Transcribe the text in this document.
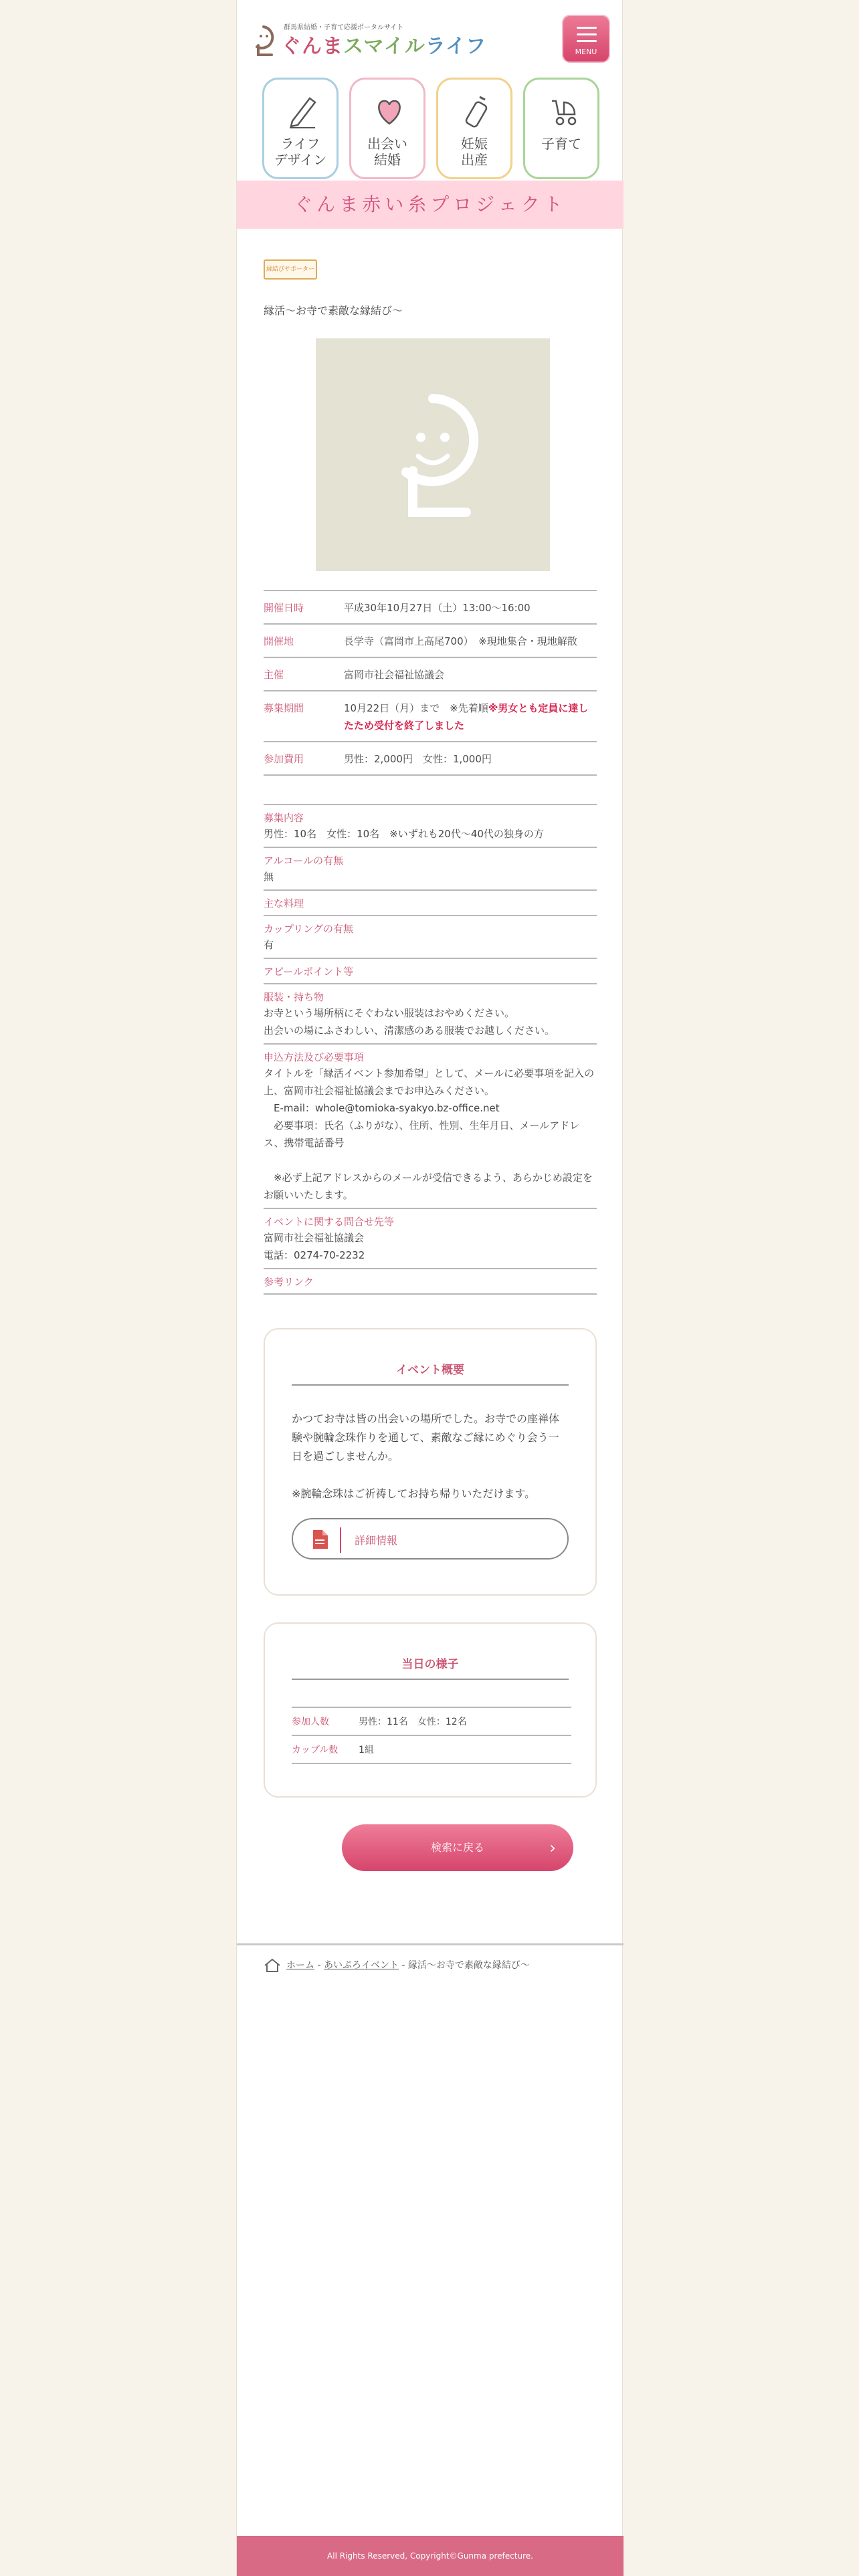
群馬県結婚・子育て応援ポータルサイト
ぐんまスマイルライフ	MENU
ライフ
デザイン
出会い
結婚
妊娠
出産
子育て
ぐんま赤い糸プロジェクト
縁結びサポーター
縁活～お寺で素敵な縁結び～
開催日時	平成30年10月27日（土）13:00～16:00
開催地	長学寺（富岡市上高尾700）　※現地集合・現地解散
主催	富岡市社会福祉協議会
募集期間	10月22日（月）まで　※先着順※男女とも定員に達したため受付を終了しました
参加費用	男性：2,000円　女性：1,000円
募集内容
男性：10名　女性：10名　※いずれも20代～40代の独身の方
アルコールの有無
無
主な料理
カップリングの有無
有
アピールポイント等
服装・持ち物
お寺という場所柄にそぐわない服装はおやめください。
出会いの場にふさわしい、清潔感のある服装でお越しください。
申込方法及び必要事項
タイトルを「縁活イベント参加希望」として、メールに必要事項を記入の上、富岡市社会福祉協議会までお申込みください。
　E-mail：whole@tomioka-syakyo.bz-office.net
　必要事項：氏名（ふりがな）、住所、性別、生年月日、メールアドレス、携帯電話番号

　※必ず上記アドレスからのメールが受信できるよう、あらかじめ設定をお願いいたします。
イベントに関する問合せ先等
富岡市社会福祉協議会
電話：0274-70-2232
参考リンク
イベント概要
かつてお寺は皆の出会いの場所でした。お寺での座禅体験や腕輪念珠作りを通して、素敵なご縁にめぐり会う一日を過ごしませんか。

※腕輪念珠はご祈祷してお持ち帰りいただけます。
詳細情報
当日の様子
参加人数	男性：11名　女性：12名
カップル数	1組
検索に戻る	›
ホーム - あいぷろイベント - 縁活～お寺で素敵な縁結び～
All Rights Reserved, Copyright©Gunma prefecture.
